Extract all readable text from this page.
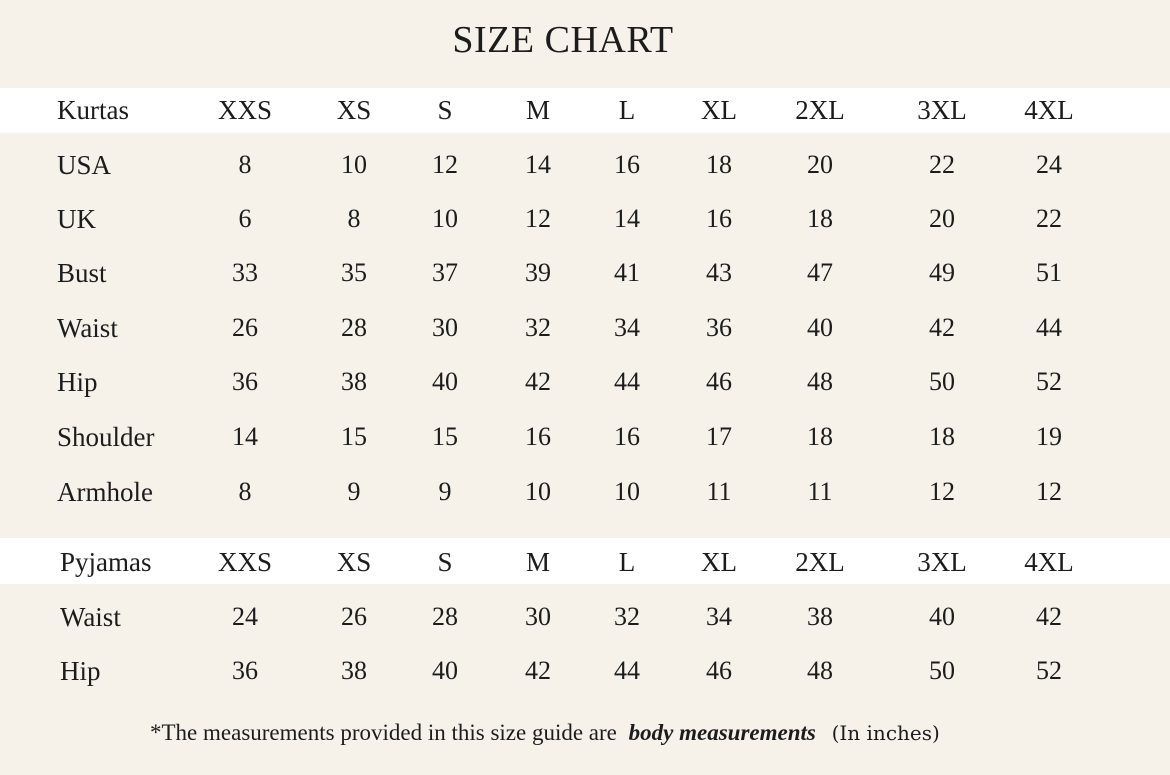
SIZE CHART
Kurtas	XXS	XS	S	M	L	XL	2XL	3XL	4XL
USA	8	10	12	14	16	18	20	22	24
UK	6	8	10	12	14	16	18	20	22
Bust	33	35	37	39	41	43	47	49	51
Waist	26	28	30	32	34	36	40	42	44
Hip	36	38	40	42	44	46	48	50	52
Shoulder	14	15	15	16	16	17	18	18	19
Armhole	8	9	9	10	10	11	11	12	12
Pyjamas	XXS	XS	S	M	L	XL	2XL	3XL	4XL
Waist	24	26	28	30	32	34	38	40	42
Hip	36	38	40	42	44	46	48	50	52
*The measurements provided in this size guide are body measurements (In inches)
